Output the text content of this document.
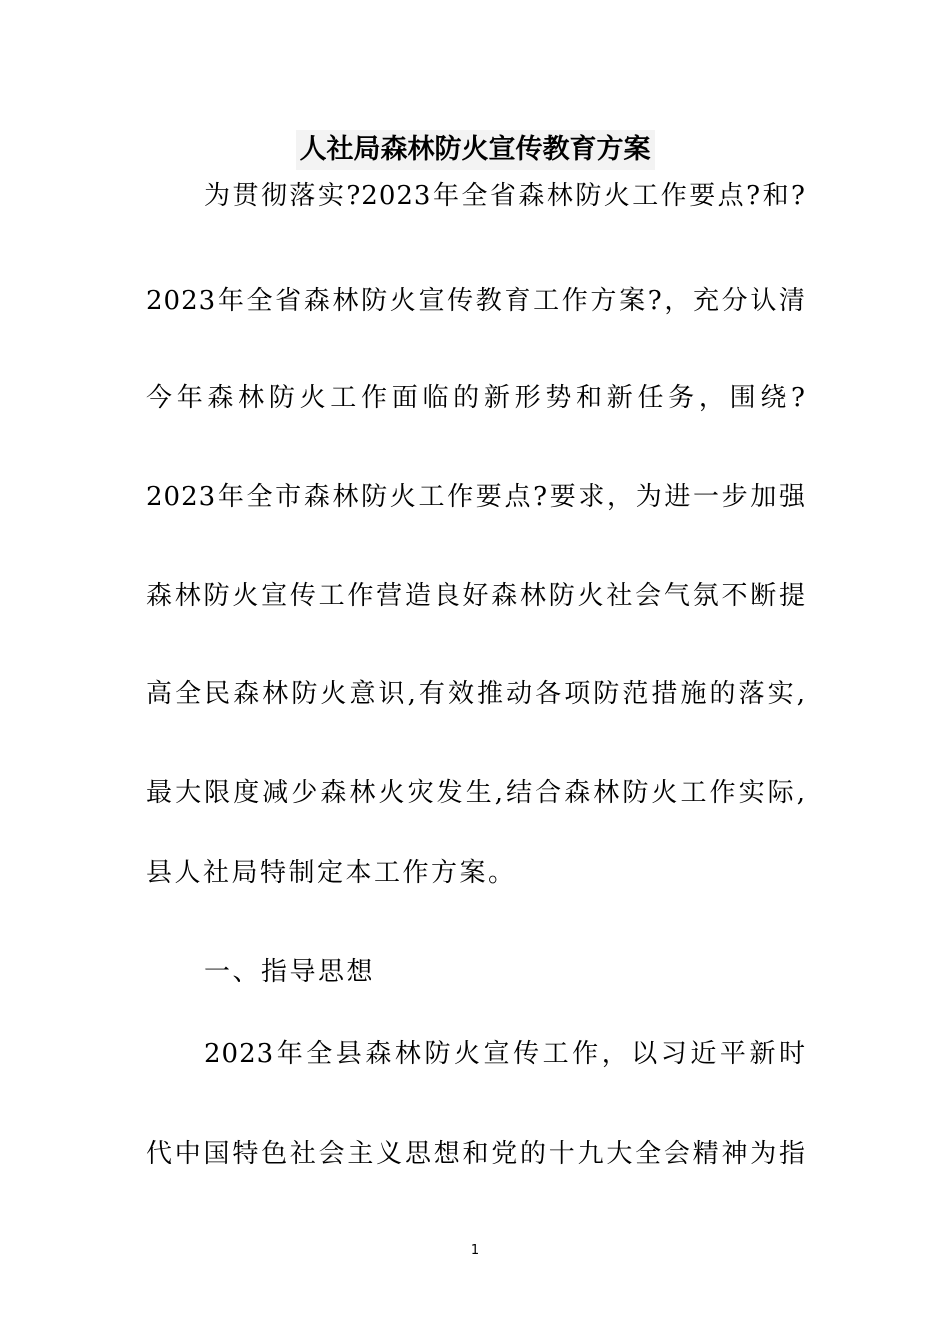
人社局森林防火宣传教育方案
为贯彻落实?2023年全省森林防火工作要点?和?
2023年全省森林防火宣传教育工作方案?，充分认清
今年森林防火工作面临的新形势和新任务，围绕?
2023年全市森林防火工作要点?要求，为进一步加强
森林防火宣传工作营造良好森林防火社会气氛不断提
高全民森林防火意识,有效推动各项防范措施的落实,
最大限度减少森林火灾发生,结合森林防火工作实际,
县人社局特制定本工作方案。
一、指导思想
2023年全县森林防火宣传工作，以习近平新时
代中国特色社会主义思想和党的十九大全会精神为指
1
